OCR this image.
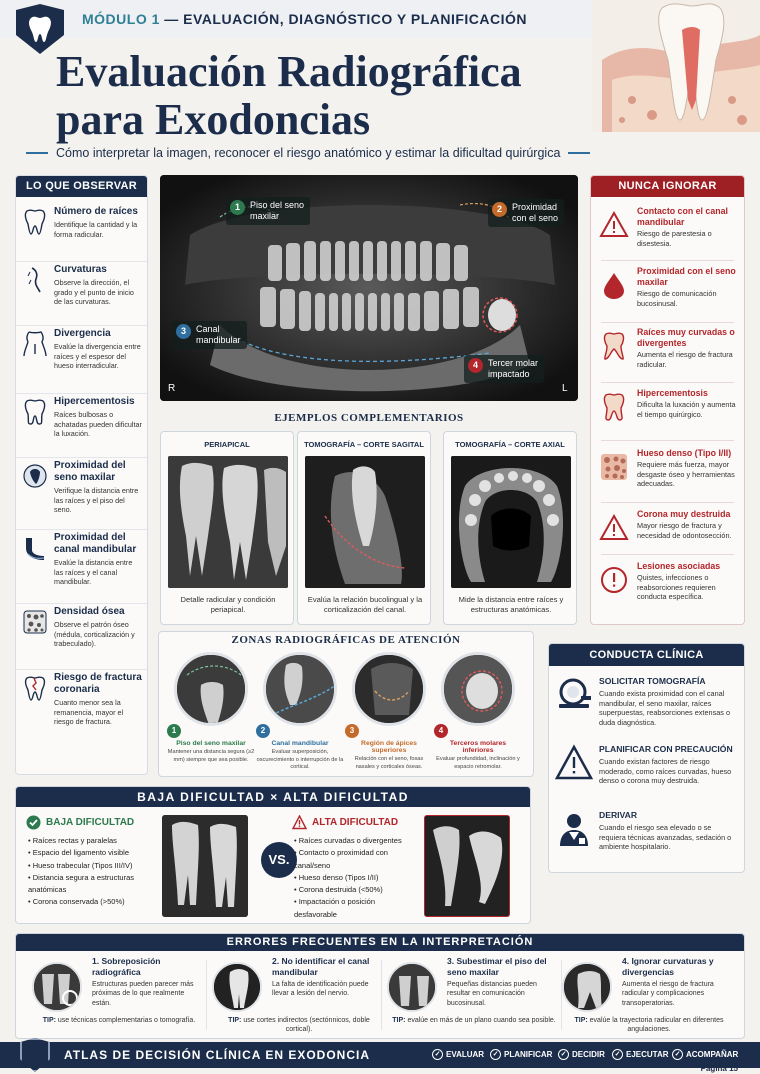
MÓDULO 1 — EVALUACIÓN, DIAGNÓSTICO Y PLANIFICACIÓN
Evaluación Radiográfica
para Exodoncias
Cómo interpretar la imagen, reconocer el riesgo anatómico y estimar la dificultad quirúrgica
LO QUE OBSERVAR
Número de raíces

Identifique la cantidad y la forma radicular.

Curvaturas

Observe la dirección, el grado y el punto de inicio de las curvaturas.

Divergencia

Evalúe la divergencia entre raíces y el espesor del hueso interradicular.

Hipercementosis

Raíces bulbosas o achatadas pueden dificultar la luxación.

Proximidad del seno maxilar

Verifique la distancia entre las raíces y el piso del seno.

Proximidad del canal mandibular

Evalúe la distancia entre las raíces y el canal mandibular.

Densidad ósea

Observe el patrón óseo (médula, corticalización y trabeculado).

Riesgo de fractura coronaria

Cuanto menor sea la remanencia, mayor el riesgo de fractura.

1	Piso del seno
maxilar
2	Proximidad
con el seno
3	Canal
mandibular
4	Tercer molar
impactado
R	L
EJEMPLOS COMPLEMENTARIOS
PERIAPICAL

Detalle radicular y condición periapical.

TOMOGRAFÍA – CORTE SAGITAL

Evalúa la relación bucolingual y la corticalización del canal.

TOMOGRAFÍA – CORTE AXIAL

Mide la distancia entre raíces y estructuras anatómicas.

ZONAS RADIOGRÁFICAS DE ATENCIÓN
1
Piso del seno maxilar

Mantener una distancia segura (≥2 mm) siempre que sea posible.

2
Canal mandibular

Evaluar superposición, oscurecimiento o interrupción de la cortical.

3
Región de ápices superiores

Relación con el seno, fosas nasales y corticales óseas.

4
Terceros molares inferiores

Evaluar profundidad, inclinación y espacio retromolar.

NUNCA IGNORAR
Contacto con el canal mandibular

Riesgo de parestesia o disestesia.

Proximidad con el seno maxilar

Riesgo de comunicación bucosinusal.

Raíces muy curvadas o divergentes

Aumenta el riesgo de fractura radicular.

Hipercementosis

Dificulta la luxación y aumenta el tiempo quirúrgico.

Hueso denso (Tipo I/II)

Requiere más fuerza, mayor desgaste óseo y herramientas adecuadas.

Corona muy destruida

Mayor riesgo de fractura y necesidad de odontosección.

Lesiones asociadas

Quistes, infecciones o reabsorciones requieren conducta específica.

CONDUCTA CLÍNICA
SOLICITAR TOMOGRAFÍA

Cuando exista proximidad con el canal mandibular, el seno maxilar, raíces superpuestas, reabsorciones extensas o duda diagnóstica.

PLANIFICAR CON PRECAUCIÓN

Cuando existan factores de riesgo moderado, como raíces curvadas, hueso denso o corona muy destruida.

DERIVAR

Cuando el riesgo sea elevado o se requiera técnicas avanzadas, sedación o ambiente hospitalario.

BAJA DIFICULTAD × ALTA DIFICULTAD
BAJA DIFICULTAD
• Raíces rectas y paralelas
• Espacio del ligamento visible
• Hueso trabecular (Tipos III/IV)
• Distancia segura a estructuras anatómicas
• Corona conservada (>50%)
VS.
ALTA DIFICULTAD
• Raíces curvadas o divergentes
• Contacto o proximidad con canal/seno
• Hueso denso (Tipos I/II)
• Corona destruida (<50%)
• Impactación o posición desfavorable
ERRORES FRECUENTES EN LA INTERPRETACIÓN
1. Sobreposición radiográfica

Estructuras pueden parecer más próximas de lo que realmente están.

TIP: use técnicas complementarias o tomografía.
2. No identificar el canal mandibular

La falta de identificación puede llevar a lesión del nervio.

TIP: use cortes indirectos (sectónnicos, doble cortical).
3. Subestimar el piso del seno maxilar

Pequeñas distancias pueden resultar en comunicación bucosinusal.

TIP: evalúe en más de un plano cuando sea posible.
4. Ignorar curvaturas y divergencias

Aumenta el riesgo de fractura radicular y complicaciones transoperatorias.

TIP: evalúe la trayectoria radicular en diferentes angulaciones.
ATLAS DE DECISIÓN CLÍNICA EN EXODONCIA	✓ EVALUAR	✓ PLANIFICAR	✓ DECIDIR	✓ EJECUTAR ✓ ACOMPAÑAR
Página 15
